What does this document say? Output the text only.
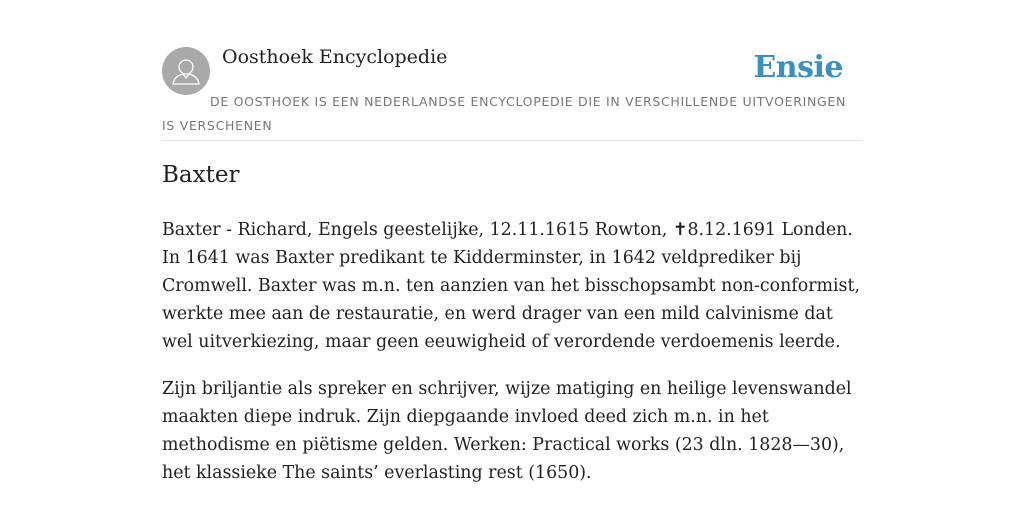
Oosthoek Encyclopedie	Ensie

DE OOSTHOEK IS EEN NEDERLANDSE ENCYCLOPEDIE DIE IN VERSCHILLENDE UITVOERINGEN IS VERSCHENEN

Baxter

Baxter - Richard, Engels geestelijke, 12.11.1615 Rowton, ✝8.12.1691 Londen. In 1641 was Baxter predikant te Kidderminster, in 1642 veldprediker bij Cromwell. Baxter was m.n. ten aanzien van het bisschopsambt non-conformist, werkte mee aan de restauratie, en werd drager van een mild calvinisme dat wel uitverkiezing, maar geen eeuwigheid of verordende verdoemenis leerde.

Zijn briljantie als spreker en schrijver, wijze matiging en heilige levenswandel maakten diepe indruk. Zijn diepgaande invloed deed zich m.n. in het methodisme en piëtisme gelden. Werken: Practical works (23 dln. 1828—30), het klassieke The saints’ everlasting rest (1650).
